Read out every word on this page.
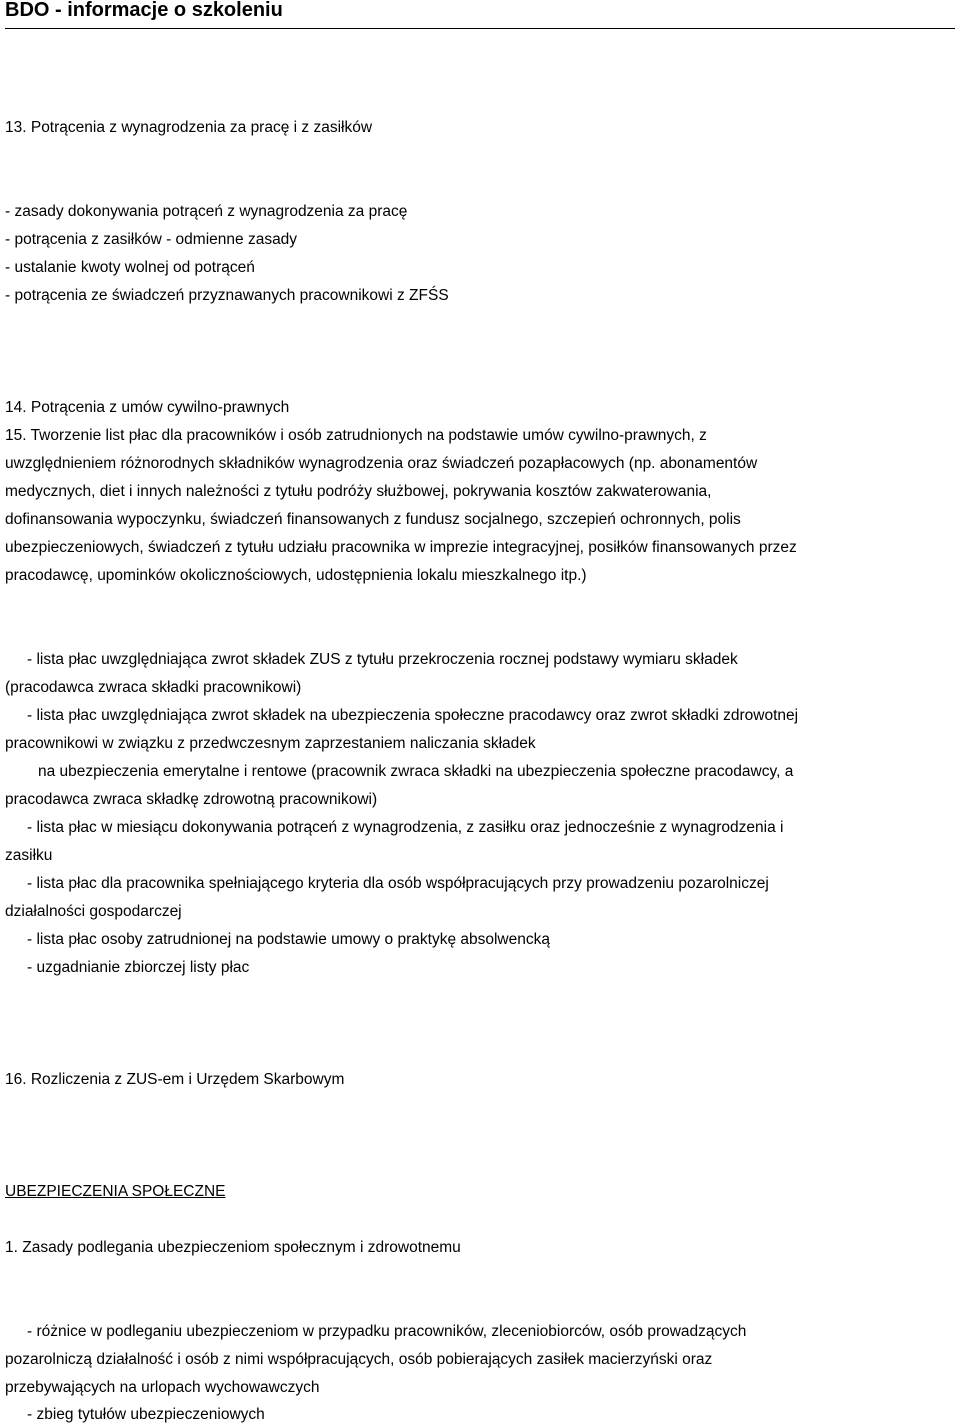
BDO - informacje o szkoleniu

13. Potrącenia z wynagrodzenia za pracę i z zasiłków

- zasady dokonywania potrąceń z wynagrodzenia za pracę

- potrącenia z zasiłków - odmienne zasady

- ustalanie kwoty wolnej od potrąceń

- potrącenia ze świadczeń przyznawanych pracownikowi z ZFŚS

14. Potrącenia z umów cywilno-prawnych

15. Tworzenie list płac dla pracowników i osób zatrudnionych na podstawie umów cywilno-prawnych, z

uwzględnieniem różnorodnych składników wynagrodzenia oraz świadczeń pozapłacowych (np. abonamentów

medycznych, diet i innych należności z tytułu podróży służbowej, pokrywania kosztów zakwaterowania,

dofinansowania wypoczynku, świadczeń finansowanych z fundusz socjalnego, szczepień ochronnych, polis

ubezpieczeniowych, świadczeń z tytułu udziału pracownika w imprezie integracyjnej, posiłków finansowanych przez

pracodawcę, upominków okolicznościowych, udostępnienia lokalu mieszkalnego itp.)

- lista płac uwzględniająca zwrot składek ZUS z tytułu przekroczenia rocznej podstawy wymiaru składek

(pracodawca zwraca składki pracownikowi)

- lista płac uwzględniająca zwrot składek na ubezpieczenia społeczne pracodawcy oraz zwrot składki zdrowotnej

pracownikowi w związku z przedwczesnym zaprzestaniem naliczania składek

na ubezpieczenia emerytalne i rentowe (pracownik zwraca składki na ubezpieczenia społeczne pracodawcy, a

pracodawca zwraca składkę zdrowotną pracownikowi)

- lista płac w miesiącu dokonywania potrąceń z wynagrodzenia, z zasiłku oraz jednocześnie z wynagrodzenia i

zasiłku

- lista płac dla pracownika spełniającego kryteria dla osób współpracujących przy prowadzeniu pozarolniczej

działalności gospodarczej

- lista płac osoby zatrudnionej na podstawie umowy o praktykę absolwencką

- uzgadnianie zbiorczej listy płac

16. Rozliczenia z ZUS-em i Urzędem Skarbowym

UBEZPIECZENIA SPOŁECZNE

1. Zasady podlegania ubezpieczeniom społecznym i zdrowotnemu

- różnice w podleganiu ubezpieczeniom w przypadku pracowników, zleceniobiorców, osób prowadzących

pozarolniczą działalność i osób z nimi współpracujących, osób pobierających zasiłek macierzyński oraz

przebywających na urlopach wychowawczych

- zbieg tytułów ubezpieczeniowych
